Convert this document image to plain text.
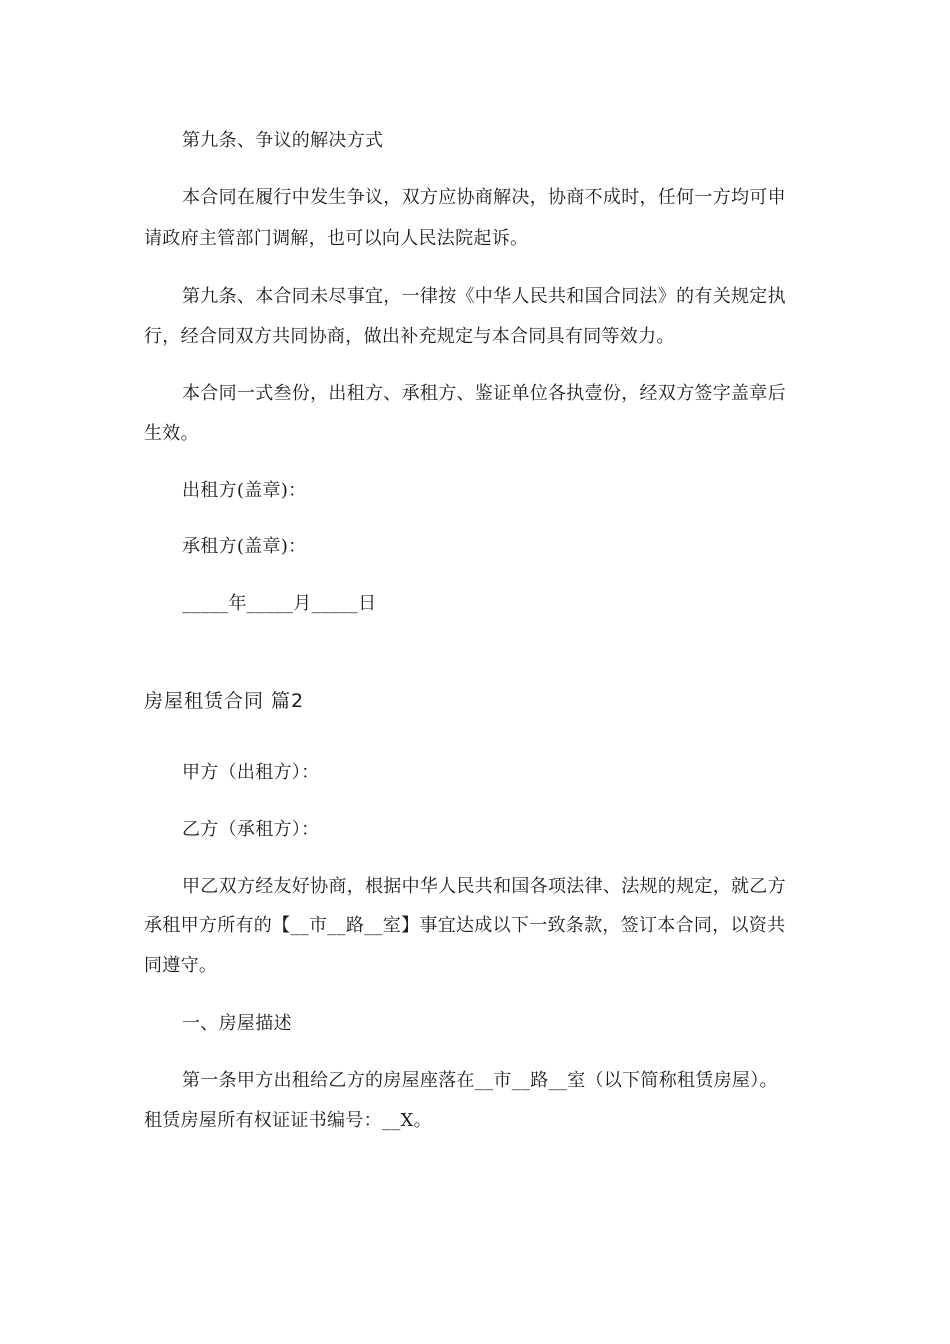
第九条、争议的解决方式
本合同在履行中发生争议，双方应协商解决，协商不成时，任何一方均可申
请政府主管部门调解，也可以向人民法院起诉。
第九条、本合同未尽事宜，一律按《中华人民共和国合同法》的有关规定执
行，经合同双方共同协商，做出补充规定与本合同具有同等效力。
本合同一式叁份，出租方、承租方、鉴证单位各执壹份，经双方签字盖章后
生效。
出租方(盖章)：
承租方(盖章)：
_____年_____月_____日
房屋租赁合同 篇2
甲方（出租方）：
乙方（承租方）：
甲乙双方经友好协商，根据中华人民共和国各项法律、法规的规定，就乙方
承租甲方所有的【__市__路__室】事宜达成以下一致条款，签订本合同，以资共
同遵守。
一、房屋描述
第一条甲方出租给乙方的房屋座落在__市__路__室（以下简称租赁房屋）。
租赁房屋所有权证证书编号：__X。
